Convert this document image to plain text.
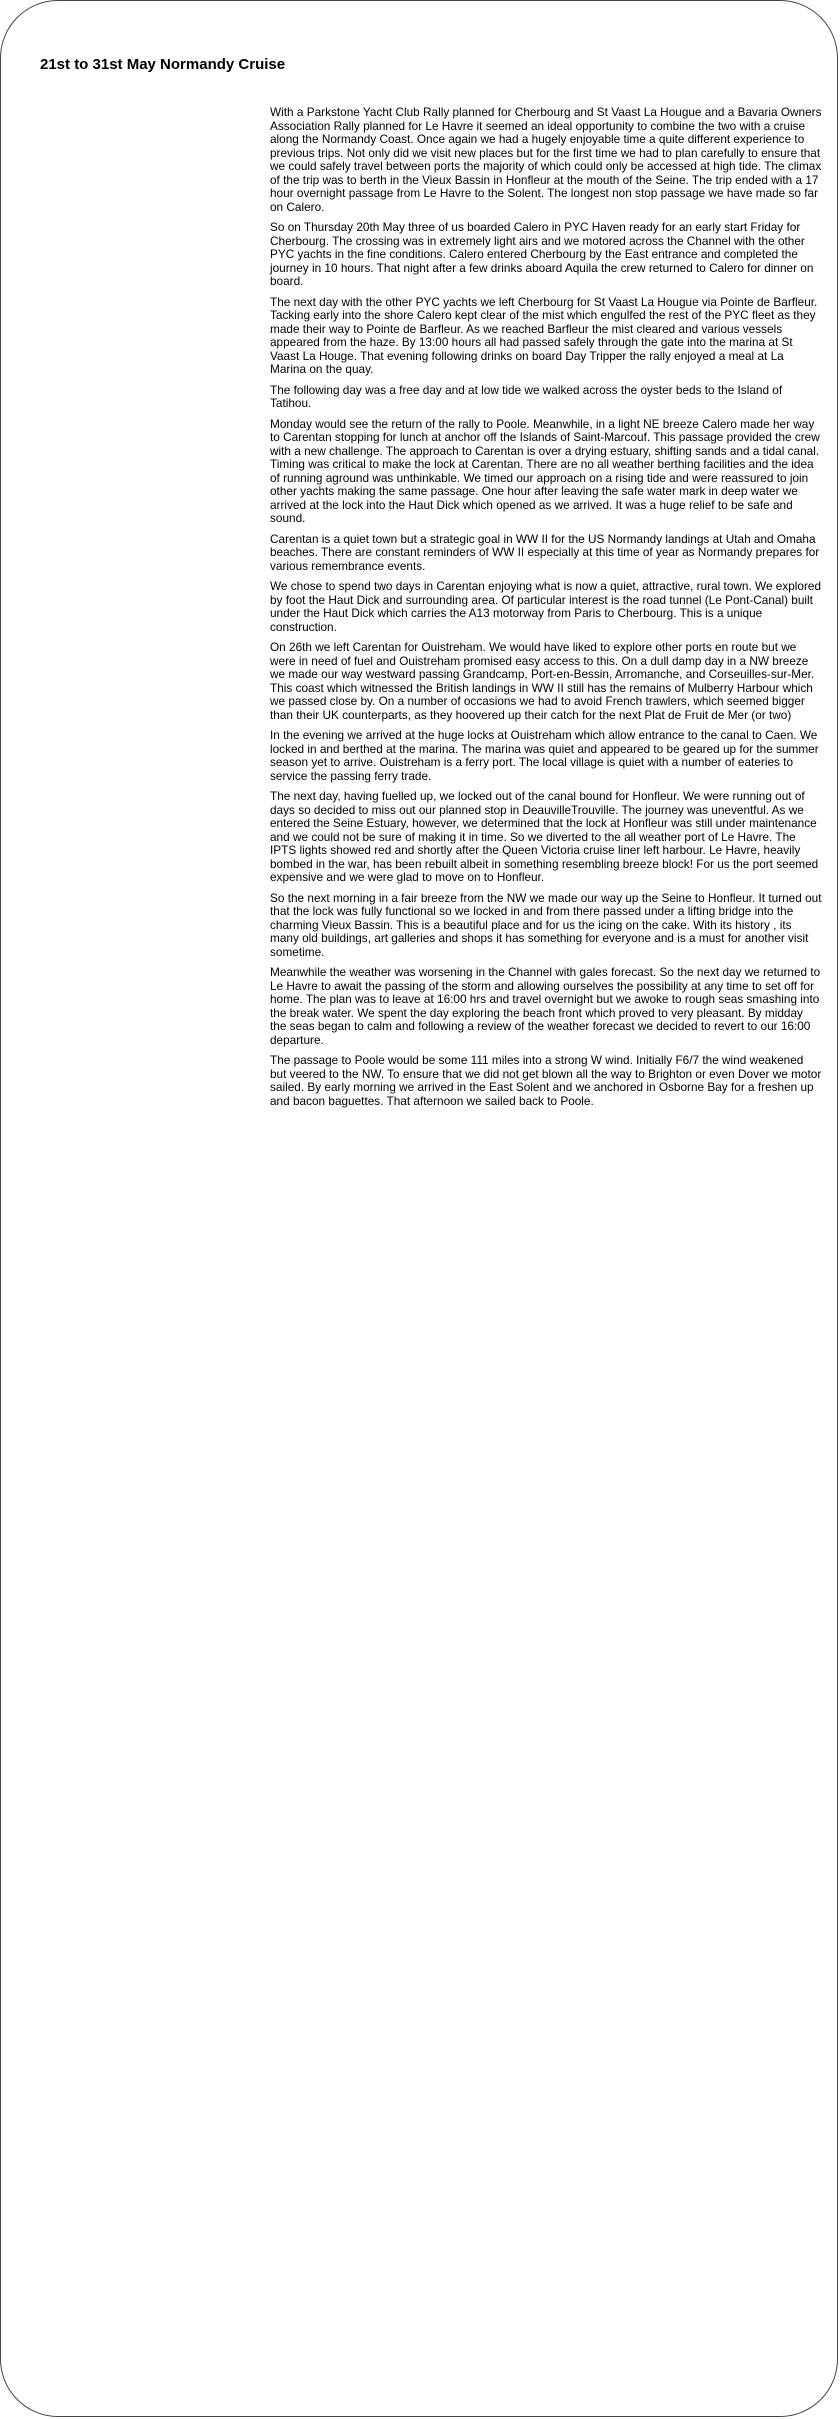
21st to 31st May Normandy Cruise

With a Parkstone Yacht Club Rally planned for Cherbourg and St Vaast La Hougue and a Bavaria Owners Association Rally planned for Le Havre it seemed an ideal opportunity to combine the two with a cruise along the Normandy Coast. Once again we had a hugely enjoyable time a quite different experience to previous trips. Not only did we visit new places but for the first time we had to plan carefully to ensure that we could safely travel between ports the majority of which could only be accessed at high tide. The climax of the trip was to berth in the Vieux Bassin in Honfleur at the mouth of the Seine. The trip ended with a 17 hour overnight passage from Le Havre to the Solent. The longest non stop passage we have made so far on Calero.

So on Thursday 20th May three of us boarded Calero in PYC Haven ready for an early start Friday for Cherbourg. The crossing was in extremely light airs and we motored across the Channel with the other PYC yachts in the fine conditions. Calero entered Cherbourg by the East entrance and completed the journey in 10 hours. That night after a few drinks aboard Aquila the crew returned to Calero for dinner on board.

The next day with the other PYC yachts we left Cherbourg for St Vaast La Hougue via Pointe de Barfleur. Tacking early into the shore Calero kept clear of the mist which engulfed the rest of the PYC fleet as they made their way to Pointe de Barfleur. As we reached Barfleur the mist cleared and various vessels appeared from the haze. By 13:00 hours all had passed safely through the gate into the marina at St Vaast La Houge. That evening following drinks on board Day Tripper the rally enjoyed a meal at La Marina on the quay.

The following day was a free day and at low tide we walked across the oyster beds to the Island of Tatihou.

Monday would see the return of the rally to Poole. Meanwhile, in a light NE breeze Calero made her way to Carentan stopping for lunch at anchor off the Islands of Saint-Marcouf. This passage provided the crew with a new challenge. The approach to Carentan is over a drying estuary, shifting sands and a tidal canal. Timing was critical to make the lock at Carentan. There are no all weather berthing facilities and the idea of running aground was unthinkable. We timed our approach on a rising tide and were reassured to join other yachts making the same passage. One hour after leaving the safe water mark in deep water we arrived at the lock into the Haut Dick which opened as we arrived. It was a huge relief to be safe and sound.

Carentan is a quiet town but a strategic goal in WW II for the US Normandy landings at Utah and Omaha beaches. There are constant reminders of WW II especially at this time of year as Normandy prepares for various remembrance events.

We chose to spend two days in Carentan enjoying what is now a quiet, attractive, rural town. We explored by foot the Haut Dick and surrounding area. Of particular interest is the road tunnel (Le Pont-Canal) built under the Haut Dick which carries the A13 motorway from Paris to Cherbourg. This is a unique construction.

On 26th we left Carentan for Ouistreham. We would have liked to explore other ports en route but we were in need of fuel and Ouistreham promised easy access to this. On a dull damp day in a NW breeze we made our way westward passing Grandcamp, Port-en-Bessin, Arromanche, and Corseuilles-sur-Mer. This coast which witnessed the British landings in WW II still has the remains of Mulberry Harbour which we passed close by. On a number of occasions we had to avoid French trawlers, which seemed bigger than their UK counterparts, as they hoovered up their catch for the next Plat de Fruit de Mer (or two)

In the evening we arrived at the huge locks at Ouistreham which allow entrance to the canal to Caen. We locked in and berthed at the marina. The marina was quiet and appeared to be geared up for the summer season yet to arrive. Ouistreham is a ferry port. The local village is quiet with a number of eateries to service the passing ferry trade.

The next day, having fuelled up, we locked out of the canal bound for Honfleur. We were running out of days so decided to miss out our planned stop in DeauvilleTrouville. The journey was uneventful. As we entered the Seine Estuary, however, we determined that the lock at Honfleur was still under maintenance and we could not be sure of making it in time. So we diverted to the all weather port of Le Havre. The IPTS lights showed red and shortly after the Queen Victoria cruise liner left harbour. Le Havre, heavily bombed in the war, has been rebuilt albeit in something resembling breeze block! For us the port seemed expensive and we were glad to move on to Honfleur.

So the next morning in a fair breeze from the NW we made our way up the Seine to Honfleur. It turned out that the lock was fully functional so we locked in and from there passed under a lifting bridge into the charming Vieux Bassin. This is a beautiful place and for us the icing on the cake. With its history , its many old buildings, art galleries and shops it has something for everyone and is a must for another visit sometime.

Meanwhile the weather was worsening in the Channel with gales forecast. So the next day we returned to Le Havre to await the passing of the storm and allowing ourselves the possibility at any time to set off for home. The plan was to leave at 16:00 hrs and travel overnight but we awoke to rough seas smashing into the break water. We spent the day exploring the beach front which proved to very pleasant. By midday the seas began to calm and following a review of the weather forecast we decided to revert to our 16:00 departure.

The passage to Poole would be some 111 miles into a strong W wind. Initially F6/7 the wind weakened but veered to the NW. To ensure that we did not get blown all the way to Brighton or even Dover we motor sailed. By early morning we arrived in the East Solent and we anchored in Osborne Bay for a freshen up and bacon baguettes. That afternoon we sailed back to Poole.
